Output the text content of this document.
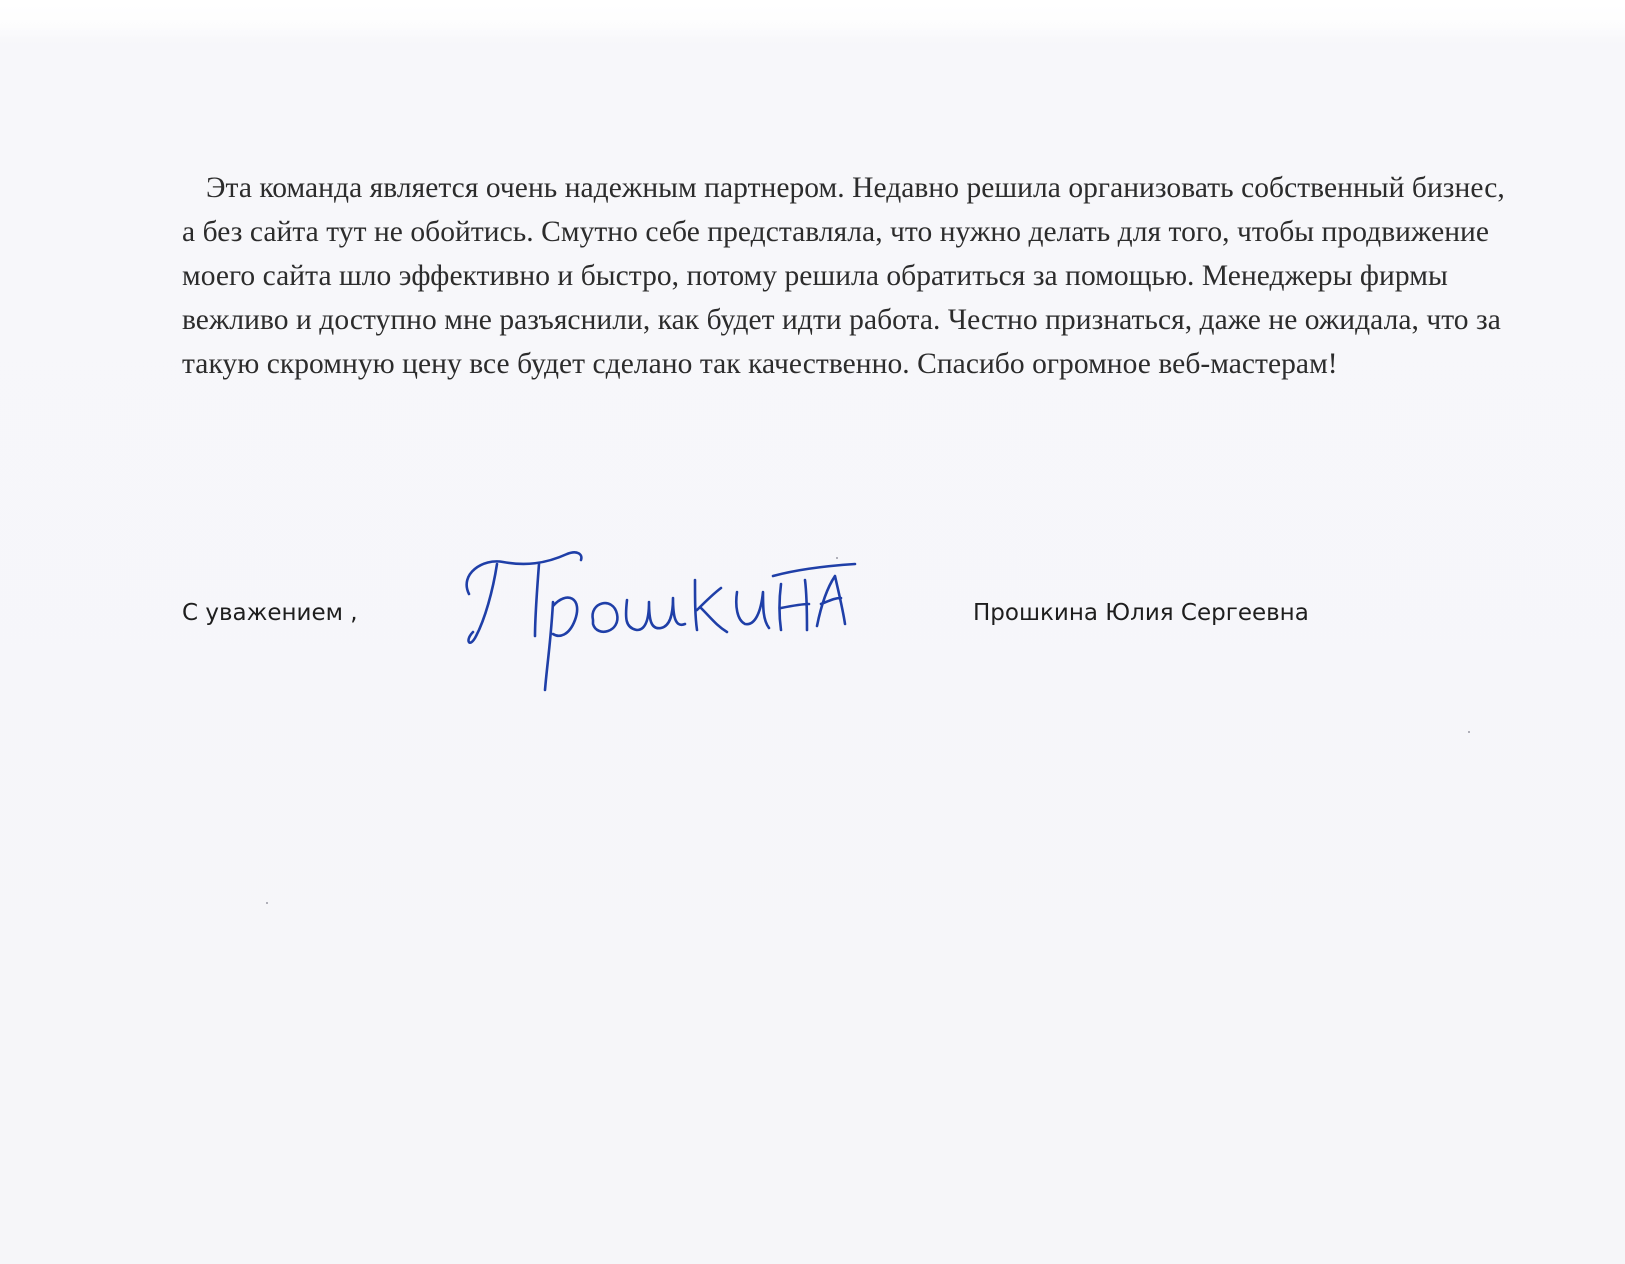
Эта команда является очень надежным партнером. Недавно решила организовать собственный бизнес, а без сайта тут не обойтись. Смутно себе представляла, что нужно делать для того, чтобы продвижение моего сайта шло эффективно и быстро, потому решила обратиться за помощью. Менеджеры фирмы вежливо и доступно мне разъяснили, как будет идти работа. Честно признаться, даже не ожидала, что за такую скромную цену все будет сделано так качественно. Спасибо огромное веб-мастерам!

С уважением ,	Прошкина Юлия Сергеевна
